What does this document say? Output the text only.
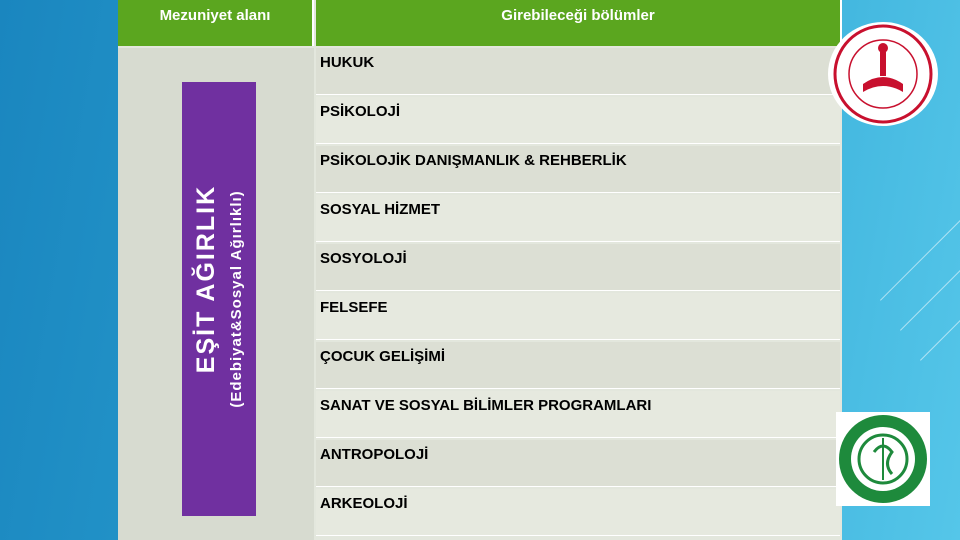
Mezuniyet alanı	Girebileceği bölümler
EŞİT AĞIRLIK (Edebiyat&Sosyal Ağırlıklı)
HUKUK
PSİKOLOJİ
PSİKOLOJİK DANIŞMANLIK & REHBERLİK
SOSYAL HİZMET
SOSYOLOJİ
FELSEFE
ÇOCUK GELİŞİMİ
SANAT VE SOSYAL BİLİMLER PROGRAMLARI
ANTROPOLOJİ
ARKEOLOJİ
